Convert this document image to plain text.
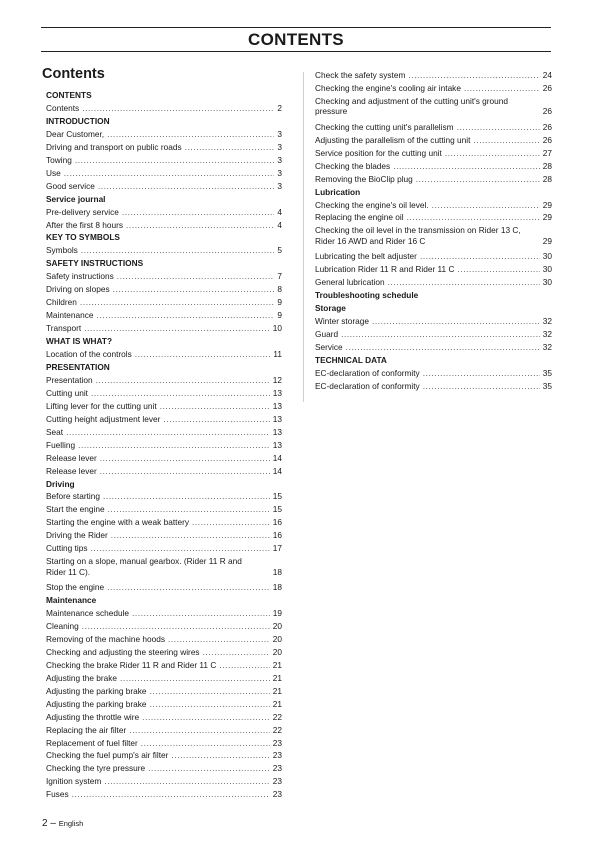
CONTENTS
Contents
CONTENTS
Contents .....	2
INTRODUCTION
Dear Customer, .....	3
Driving and transport on public roads .....	3
Towing .....	3
Use .....	3
Good service .....	3
Service journal
Pre-delivery service .....	4
After the first 8 hours .....	4
KEY TO SYMBOLS
Symbols .....	5
SAFETY INSTRUCTIONS
Safety instructions .....	7
Driving on slopes .....	8
Children .....	9
Maintenance .....	9
Transport .....	10
WHAT IS WHAT?
Location of the controls .....	11
PRESENTATION
Presentation .....	12
Cutting unit .....	13
Lifting lever for the cutting unit .....	13
Cutting height adjustment lever .....	13
Seat .....	13
Fuelling .....	13
Release lever .....	14
Release lever .....	14
Driving
Before starting .....	15
Start the engine .....	15
Starting the engine with a weak battery .....	16
Driving the Rider .....	16
Cutting tips .....	17
Starting on a slope, manual gearbox. (Rider 11 R and
Rider 11 C).	18
Stop the engine .....	18
Maintenance
Maintenance schedule .....	19
Cleaning .....	20
Removing of the machine hoods .....	20
Checking and adjusting the steering wires .....	20
Checking the brake Rider 11 R and Rider 11 C .....	21
Adjusting the brake .....	21
Adjusting the parking brake .....	21
Adjusting the parking brake .....	21
Adjusting the throttle wire .....	22
Replacing the air filter .....	22
Replacement of fuel filter .....	23
Checking the fuel pump's air filter .....	23
Checking the tyre pressure .....	23
Ignition system .....	23
Fuses .....	23
Check the safety system .....	24
Checking the engine's cooling air intake .....	26
Checking and adjustment of the cutting unit's ground
pressure	26
Checking the cutting unit's parallelism .....	26
Adjusting the parallelism of the cutting unit .....	26
Service position for the cutting unit .....	27
Checking the blades .....	28
Removing the BioClip plug .....	28
Lubrication
Checking the engine's oil level. .....	29
Replacing the engine oil .....	29
Checking the oil level in the transmission on Rider 13 C,
Rider 16 AWD and Rider 16 C	29
Lubricating the belt adjuster .....	30
Lubrication Rider 11 R and Rider 11 C .....	30
General lubrication .....	30
Troubleshooting schedule
Storage
Winter storage .....	32
Guard .....	32
Service .....	32
TECHNICAL DATA
EC-declaration of conformity .....	35
EC-declaration of conformity .....	35
2 – English
